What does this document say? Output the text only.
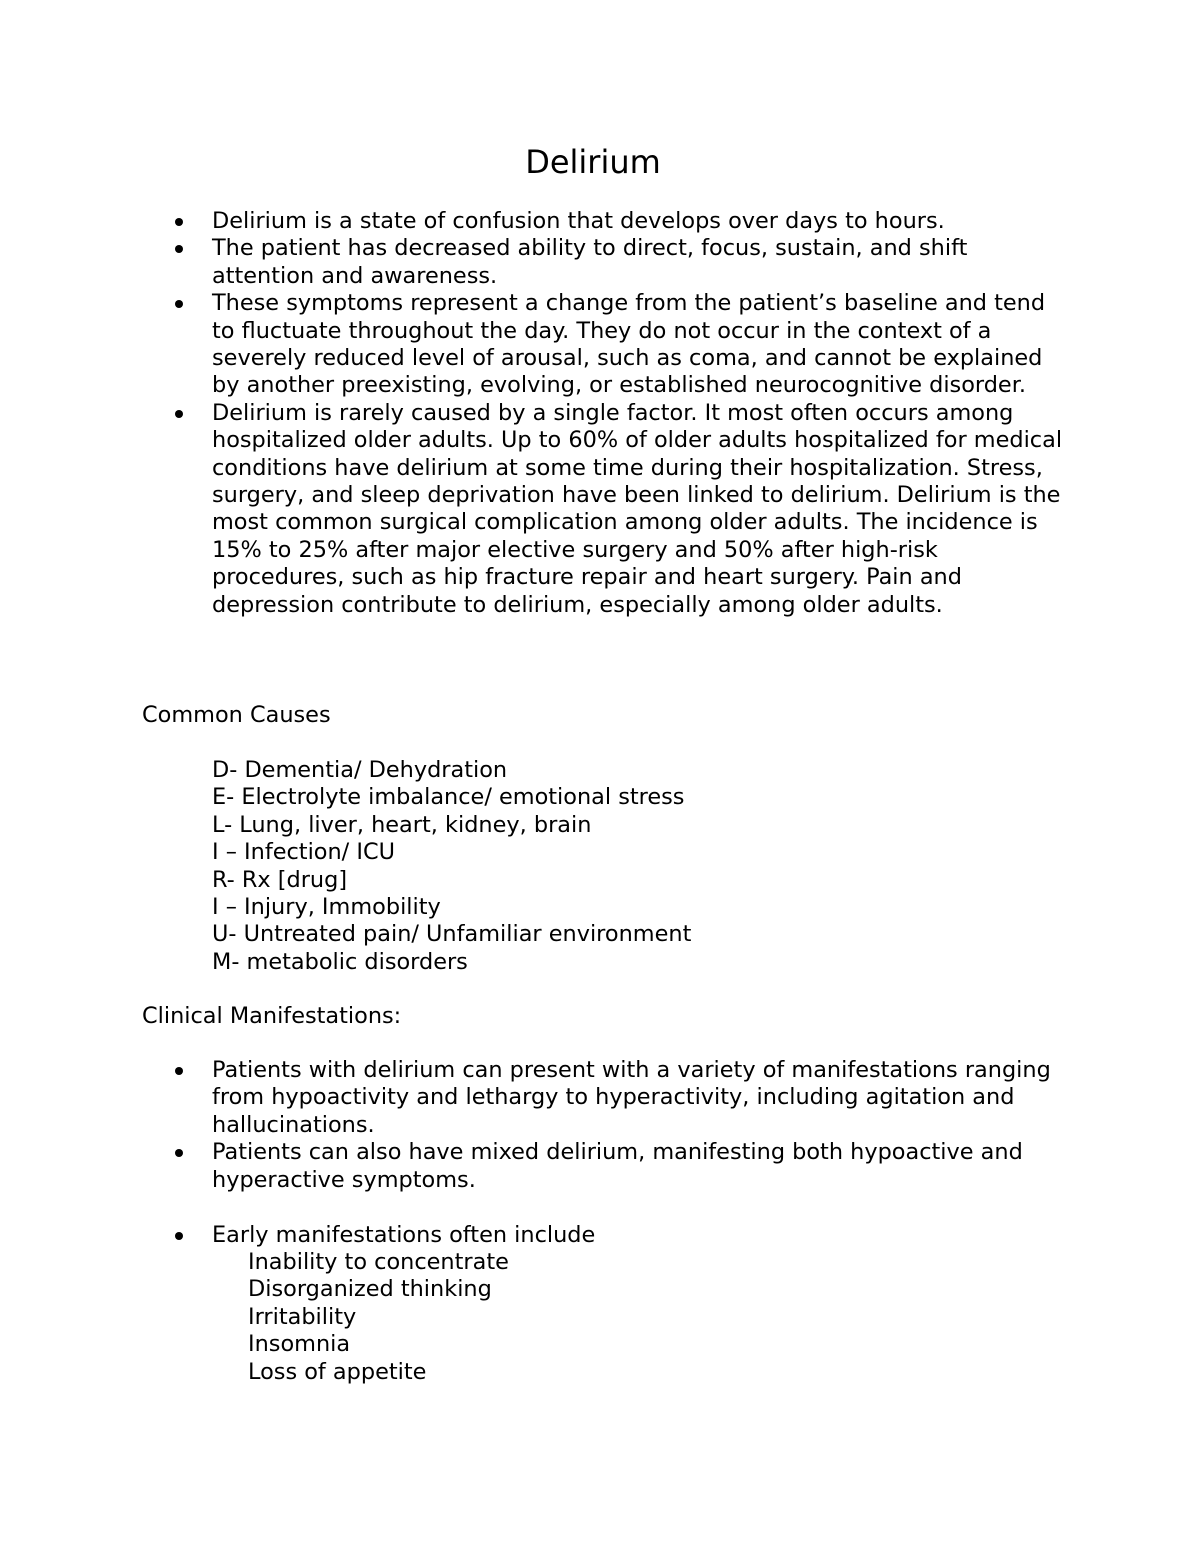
Delirium
Delirium is a state of confusion that develops over days to hours.
The patient has decreased ability to direct, focus, sustain, and shift attention and awareness.
These symptoms represent a change from the patient’s baseline and tend to fluctuate throughout the day. They do not occur in the context of a severely reduced level of arousal, such as coma, and cannot be explained by another preexisting, evolving, or established neurocognitive disorder.
Delirium is rarely caused by a single factor. It most often occurs among hospitalized older adults. Up to 60% of older adults hospitalized for medical conditions have delirium at some time during their hospitalization. Stress, surgery, and sleep deprivation have been linked to delirium. Delirium is the most common surgical complication among older adults. The incidence is 15% to 25% after major elective surgery and 50% after high-risk procedures, such as hip fracture repair and heart surgery. Pain and depression contribute to delirium, especially among older adults.

Common Causes

D- Dementia/ Dehydration
E- Electrolyte imbalance/ emotional stress
L- Lung, liver, heart, kidney, brain
I – Infection/ ICU
R- Rx [drug]
I – Injury, Immobility
U- Untreated pain/ Unfamiliar environment
M- metabolic disorders

Clinical Manifestations:

Patients with delirium can present with a variety of manifestations ranging from hypoactivity and lethargy to hyperactivity, including agitation and hallucinations.
Patients can also have mixed delirium, manifesting both hypoactive and hyperactive symptoms.
Early manifestations often include
Inability to concentrate
Disorganized thinking
Irritability
Insomnia
Loss of appetite
